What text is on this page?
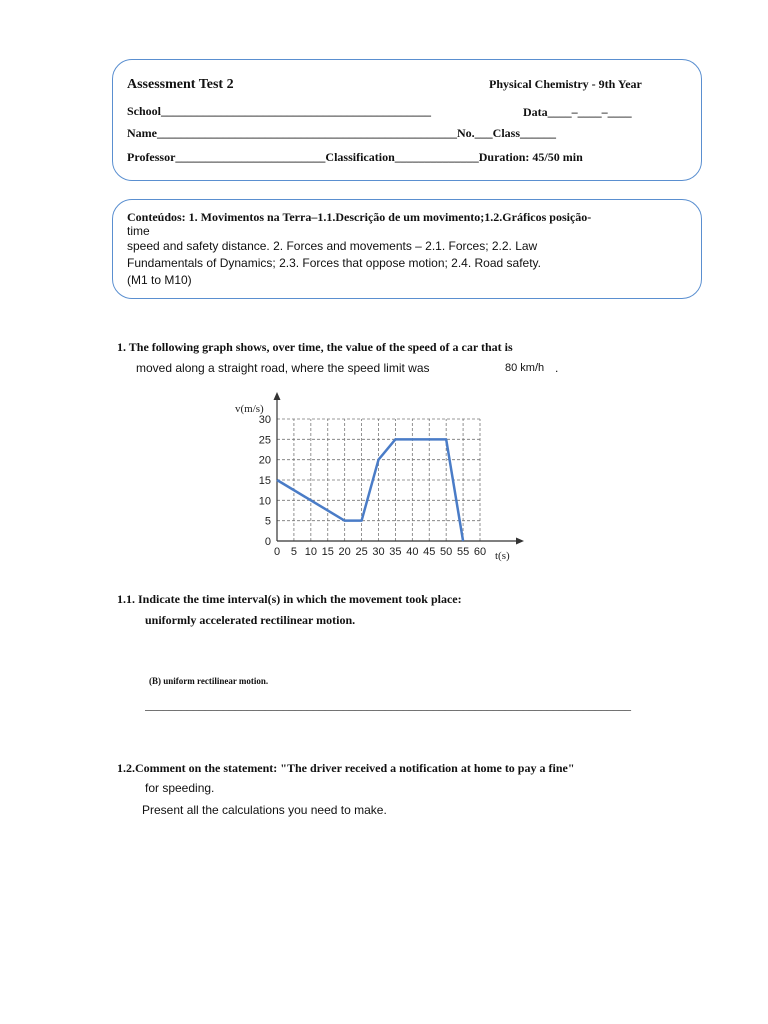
Assessment Test 2	Physical Chemistry - 9th Year
School_____________________________________________	Data____–____–____
Name__________________________________________________No.___Class______
Professor_________________________Classification______________Duration: 45/50 min
Conteúdos: 1. Movimentos na Terra–1.1.Descrição de um movimento;1.2.Gráficos posição-
time
speed and safety distance. 2. Forces and movements – 2.1. Forces; 2.2. Law
Fundamentals of Dynamics; 2.3. Forces that oppose motion; 2.4. Road safety.
(M1 to M10)
1. The following graph shows, over time, the value of the speed of a car that is
moved along a straight road, where the speed limit was	80 km/h .
0 5 10 15 20 25 30 35 40 45 50 55 60
0
5
10
15
20
25
30
v(m/s)
t(s)
1.1. Indicate the time interval(s) in which the movement took place:
uniformly accelerated rectilinear motion.
(B) uniform rectilinear motion.
_________________________________________________________________________________
1.2.Comment on the statement: "The driver received a notification at home to pay a fine"
for speeding.
Present all the calculations you need to make.
